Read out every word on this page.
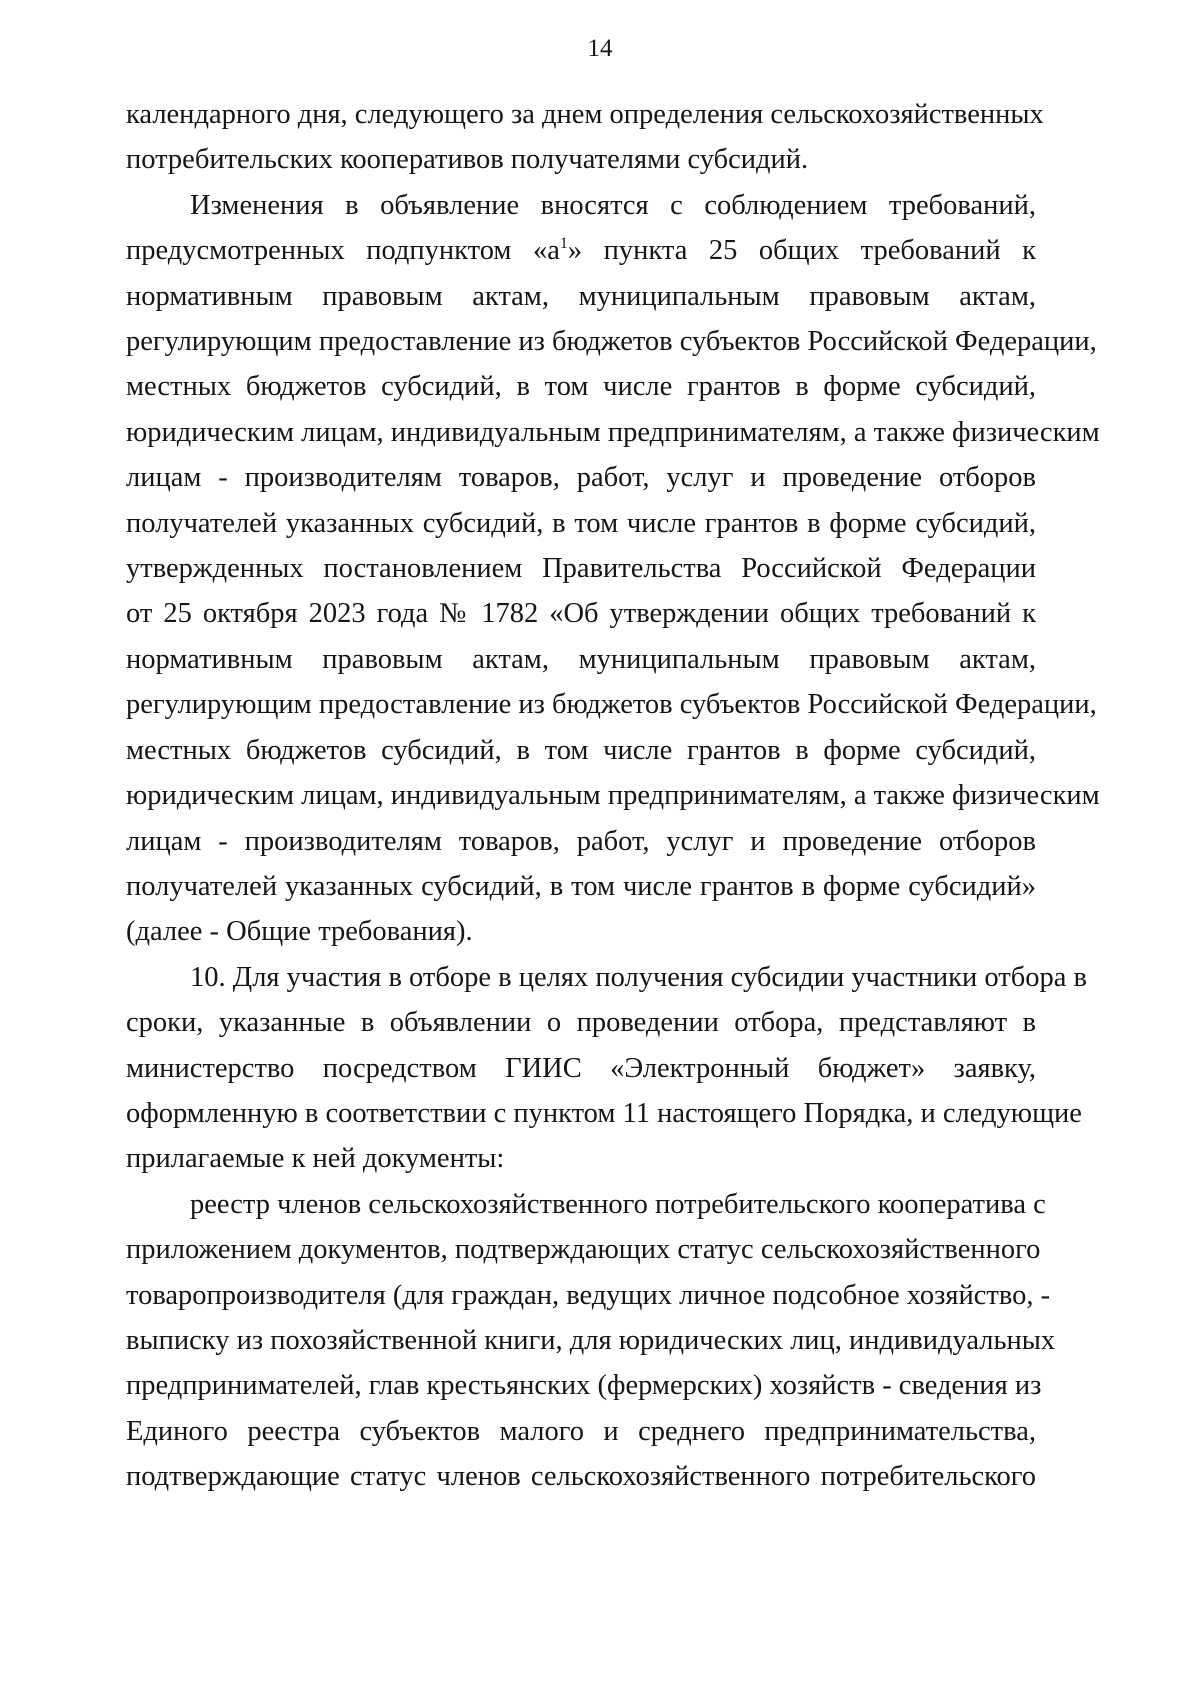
14

календарного дня, следующего за днем определения сельскохозяйственных

потребительских кооперативов получателями субсидий.

Изменения в объявление вносятся с соблюдением требований,

предусмотренных подпунктом «$а^1$» пункта 25 общих требований к

нормативным правовым актам, муниципальным правовым актам,

регулирующим предоставление из бюджетов субъектов Российской Федерации,

местных бюджетов субсидий, в том числе грантов в форме субсидий,

юридическим лицам, индивидуальным предпринимателям, а также физическим

лицам - производителям товаров, работ, услуг и проведение отборов

получателей указанных субсидий, в том числе грантов в форме субсидий,

утвержденных постановлением Правительства Российской Федерации

от 25 октября 2023 года № 1782 «Об утверждении общих требований к

нормативным правовым актам, муниципальным правовым актам,

регулирующим предоставление из бюджетов субъектов Российской Федерации,

местных бюджетов субсидий, в том числе грантов в форме субсидий,

юридическим лицам, индивидуальным предпринимателям, а также физическим

лицам - производителям товаров, работ, услуг и проведение отборов

получателей указанных субсидий, в том числе грантов в форме субсидий»

(далее - Общие требования).

10. Для участия в отборе в целях получения субсидии участники отбора в

сроки, указанные в объявлении о проведении отбора, представляют в

министерство посредством ГИИС «Электронный бюджет» заявку,

оформленную в соответствии с пунктом 11 настоящего Порядка, и следующие

прилагаемые к ней документы:

реестр членов сельскохозяйственного потребительского кооператива с

приложением документов, подтверждающих статус сельскохозяйственного

товаропроизводителя (для граждан, ведущих личное подсобное хозяйство, -

выписку из похозяйственной книги, для юридических лиц, индивидуальных

предпринимателей, глав крестьянских (фермерских) хозяйств - сведения из

Единого реестра субъектов малого и среднего предпринимательства,

подтверждающие статус членов сельскохозяйственного потребительского
